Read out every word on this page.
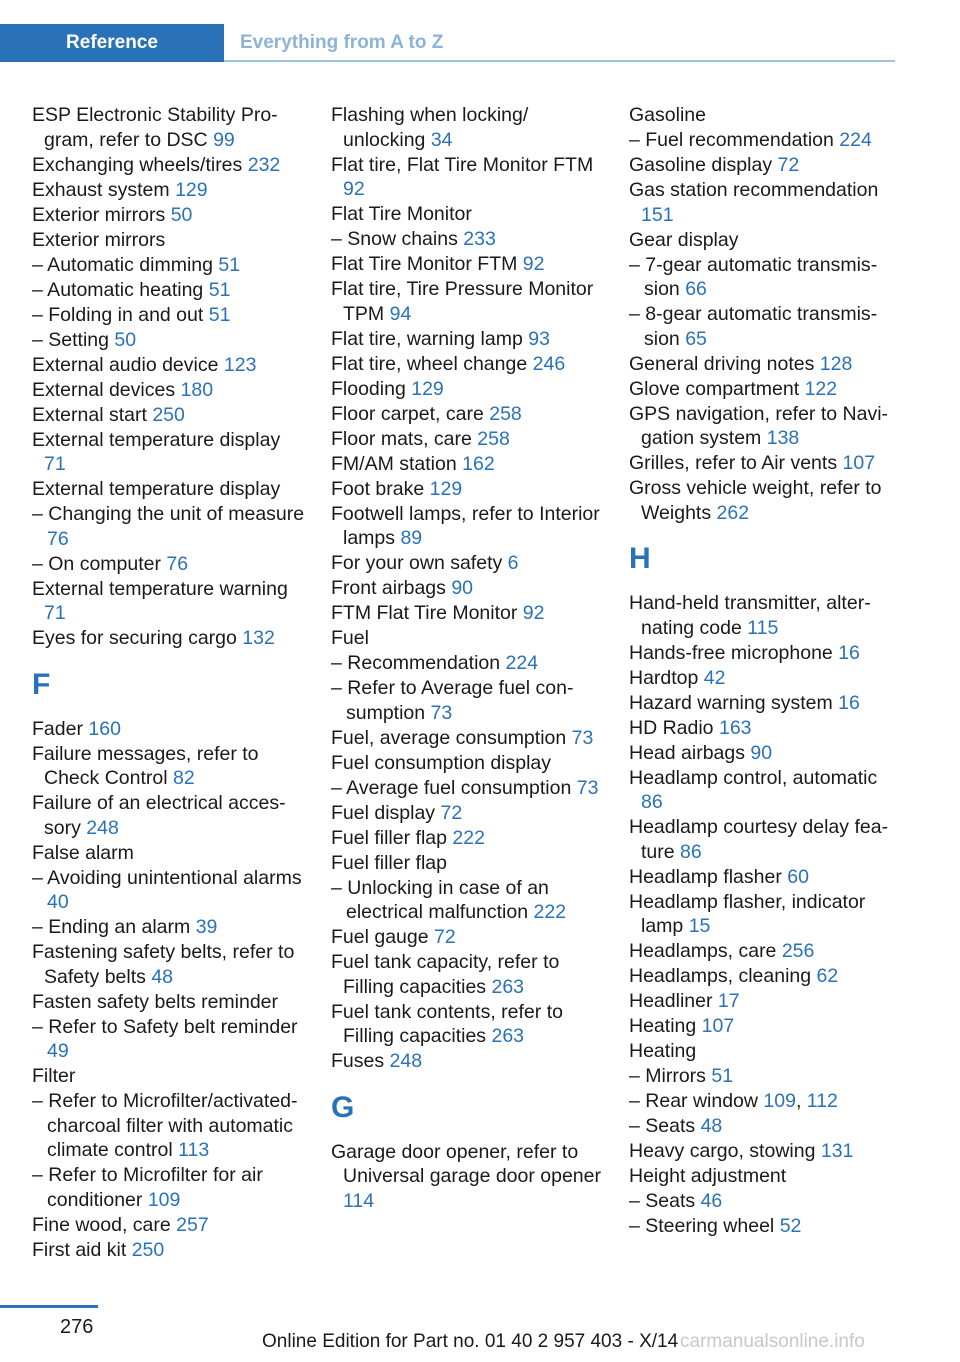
Reference	Everything from A to Z
ESP Electronic Stability Program, refer to DSC 99
Exchanging wheels/tires 232
Exhaust system 129
Exterior mirrors 50
Exterior mirrors
– Automatic dimming 51
– Automatic heating 51
– Folding in and out 51
– Setting 50
External audio device 123
External devices 180
External start 250
External temperature display 71
External temperature display
– Changing the unit of measure 76
– On computer 76
External temperature warning 71
Eyes for securing cargo 132
F
Fader 160
Failure messages, refer to Check Control 82
Failure of an electrical accessory 248
False alarm
– Avoiding unintentional alarms 40
– Ending an alarm 39
Fastening safety belts, refer to Safety belts 48
Fasten safety belts reminder
– Refer to Safety belt reminder 49
Filter
– Refer to Microfilter/activated-charcoal filter with automatic climate control 113
– Refer to Microfilter for air conditioner 109
Fine wood, care 257
First aid kit 250
Flashing when locking/ unlocking 34
Flat tire, Flat Tire Monitor FTM 92
Flat Tire Monitor
– Snow chains 233
Flat Tire Monitor FTM 92
Flat tire, Tire Pressure Monitor TPM 94
Flat tire, warning lamp 93
Flat tire, wheel change 246
Flooding 129
Floor carpet, care 258
Floor mats, care 258
FM/AM station 162
Foot brake 129
Footwell lamps, refer to Interior lamps 89
For your own safety 6
Front airbags 90
FTM Flat Tire Monitor 92
Fuel
– Recommendation 224
– Refer to Average fuel consumption 73
Fuel, average consumption 73
Fuel consumption display
– Average fuel consumption 73
Fuel display 72
Fuel filler flap 222
Fuel filler flap
– Unlocking in case of an electrical malfunction 222
Fuel gauge 72
Fuel tank capacity, refer to Filling capacities 263
Fuel tank contents, refer to Filling capacities 263
Fuses 248
G
Garage door opener, refer to Universal garage door opener 114
Gasoline
– Fuel recommendation 224
Gasoline display 72
Gas station recommendation 151
Gear display
– 7-gear automatic transmission 66
– 8-gear automatic transmission 65
General driving notes 128
Glove compartment 122
GPS navigation, refer to Navigation system 138
Grilles, refer to Air vents 107
Gross vehicle weight, refer to Weights 262
H
Hand-held transmitter, alternating code 115
Hands-free microphone 16
Hardtop 42
Hazard warning system 16
HD Radio 163
Head airbags 90
Headlamp control, automatic 86
Headlamp courtesy delay feature 86
Headlamp flasher 60
Headlamp flasher, indicator lamp 15
Headlamps, care 256
Headlamps, cleaning 62
Headliner 17
Heating 107
Heating
– Mirrors 51
– Rear window 109, 112
– Seats 48
Heavy cargo, stowing 131
Height adjustment
– Seats 46
– Steering wheel 52
276
Online Edition for Part no. 01 40 2 957 403 - X/14 carmanualsonline.info
